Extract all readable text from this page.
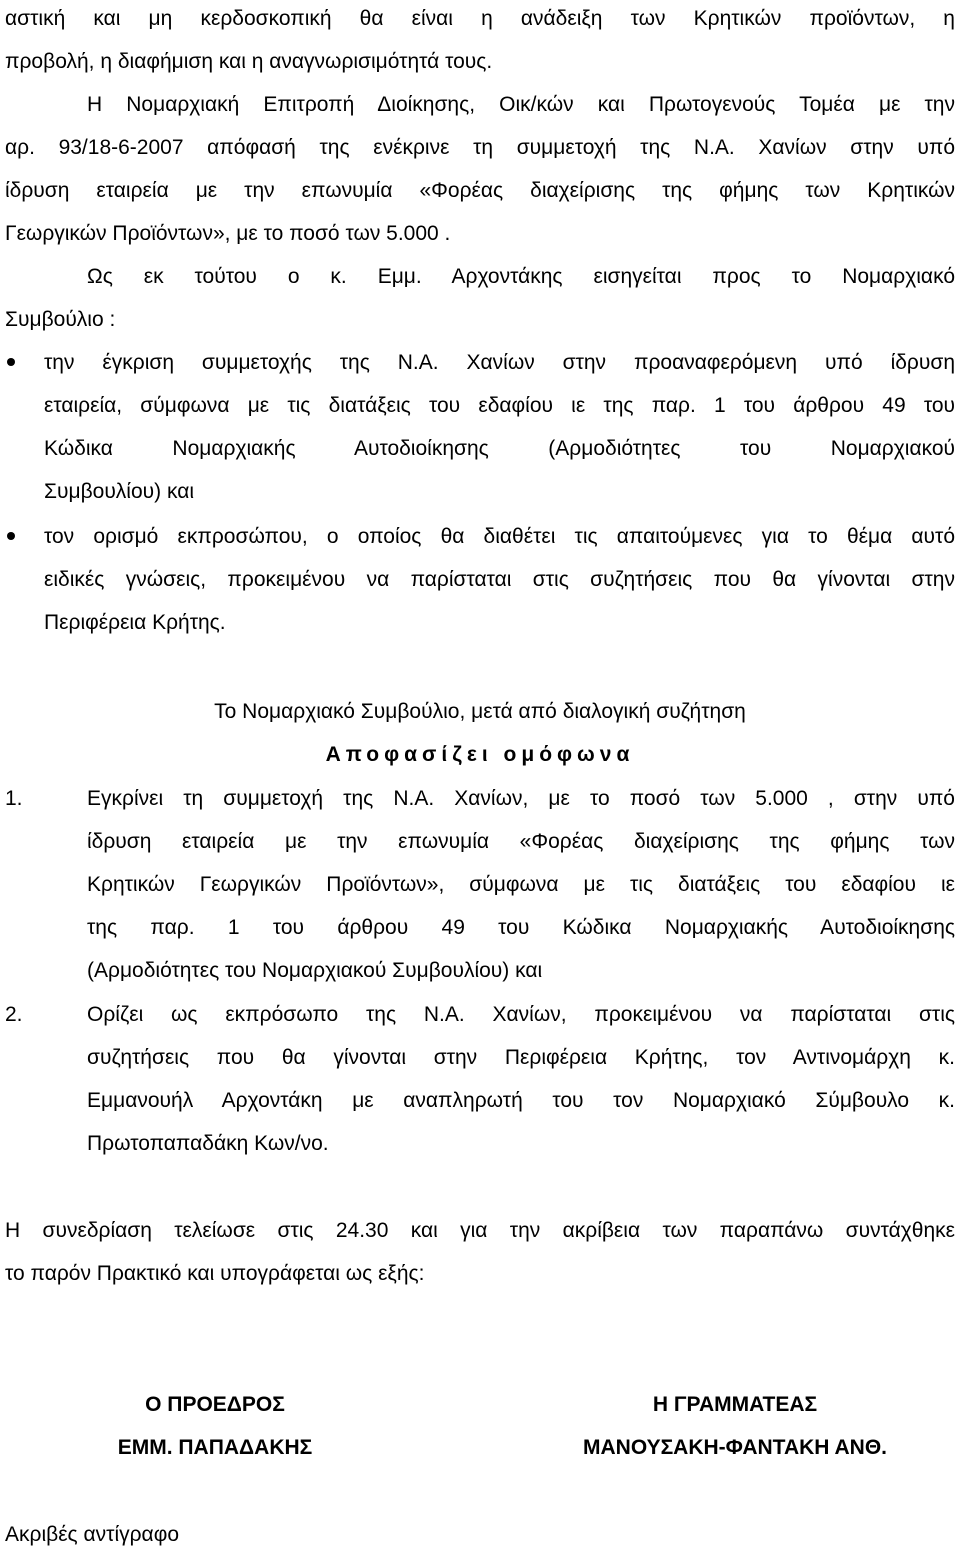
αστική και μη κερδοσκοπική θα είναι η ανάδειξη των Κρητικών προϊόντων, η
προβολή, η διαφήμιση και η αναγνωρισιμότητά τους.
Η Νομαρχιακή Επιτροπή Διοίκησης, Οικ/κών και Πρωτογενούς Τομέα με την
αρ. 93/18-6-2007 απόφασή της ενέκρινε τη συμμετοχή της Ν.Α. Χανίων στην υπό
ίδρυση εταιρεία με την επωνυμία «Φορέας διαχείρισης της φήμης των Κρητικών
Γεωργικών Προϊόντων», με το ποσό των 5.000 .
Ως εκ τούτου ο κ. Εμμ. Αρχοντάκης εισηγείται προς το Νομαρχιακό
Συμβούλιο :
την έγκριση συμμετοχής της Ν.Α. Χανίων στην προαναφερόμενη υπό ίδρυση
εταιρεία, σύμφωνα με τις διατάξεις του εδαφίου ιε της παρ. 1 του άρθρου 49 του
Κώδικα Νομαρχιακής Αυτοδιοίκησης (Αρμοδιότητες του Νομαρχιακού
Συμβουλίου) και
τον ορισμό εκπροσώπου, ο οποίος θα διαθέτει τις απαιτούμενες για το θέμα αυτό
ειδικές γνώσεις, προκειμένου να παρίσταται στις συζητήσεις που θα γίνονται στην
Περιφέρεια Κρήτης.
Το Νομαρχιακό Συμβούλιο, μετά από διαλογική συζήτηση
Αποφασίζει ομόφωνα
1.	Εγκρίνει τη συμμετοχή της Ν.Α. Χανίων, με το ποσό των 5.000 , στην υπό
ίδρυση εταιρεία με την επωνυμία «Φορέας διαχείρισης της φήμης των
Κρητικών Γεωργικών Προϊόντων», σύμφωνα με τις διατάξεις του εδαφίου ιε
της παρ. 1 του άρθρου 49 του Κώδικα Νομαρχιακής Αυτοδιοίκησης
(Αρμοδιότητες του Νομαρχιακού Συμβουλίου) και
2.	Ορίζει ως εκπρόσωπο της Ν.Α. Χανίων, προκειμένου να παρίσταται στις
συζητήσεις που θα γίνονται στην Περιφέρεια Κρήτης, τον Αντινομάρχη κ.
Εμμανουήλ Αρχοντάκη με αναπληρωτή του τον Νομαρχιακό Σύμβουλο κ.
Πρωτοπαπαδάκη Κων/νο.
Η συνεδρίαση τελείωσε στις 24.30 και για την ακρίβεια των παραπάνω συντάχθηκε
το παρόν Πρακτικό και υπογράφεται ως εξής:
Ο ΠΡΟΕΔΡΟΣ
ΕΜΜ. ΠΑΠΑΔΑΚΗΣ
Η ΓΡΑΜΜΑΤΕΑΣ
ΜΑΝΟΥΣΑΚΗ-ΦΑΝΤΑΚΗ ΑΝΘ.
Ακριβές αντίγραφο
